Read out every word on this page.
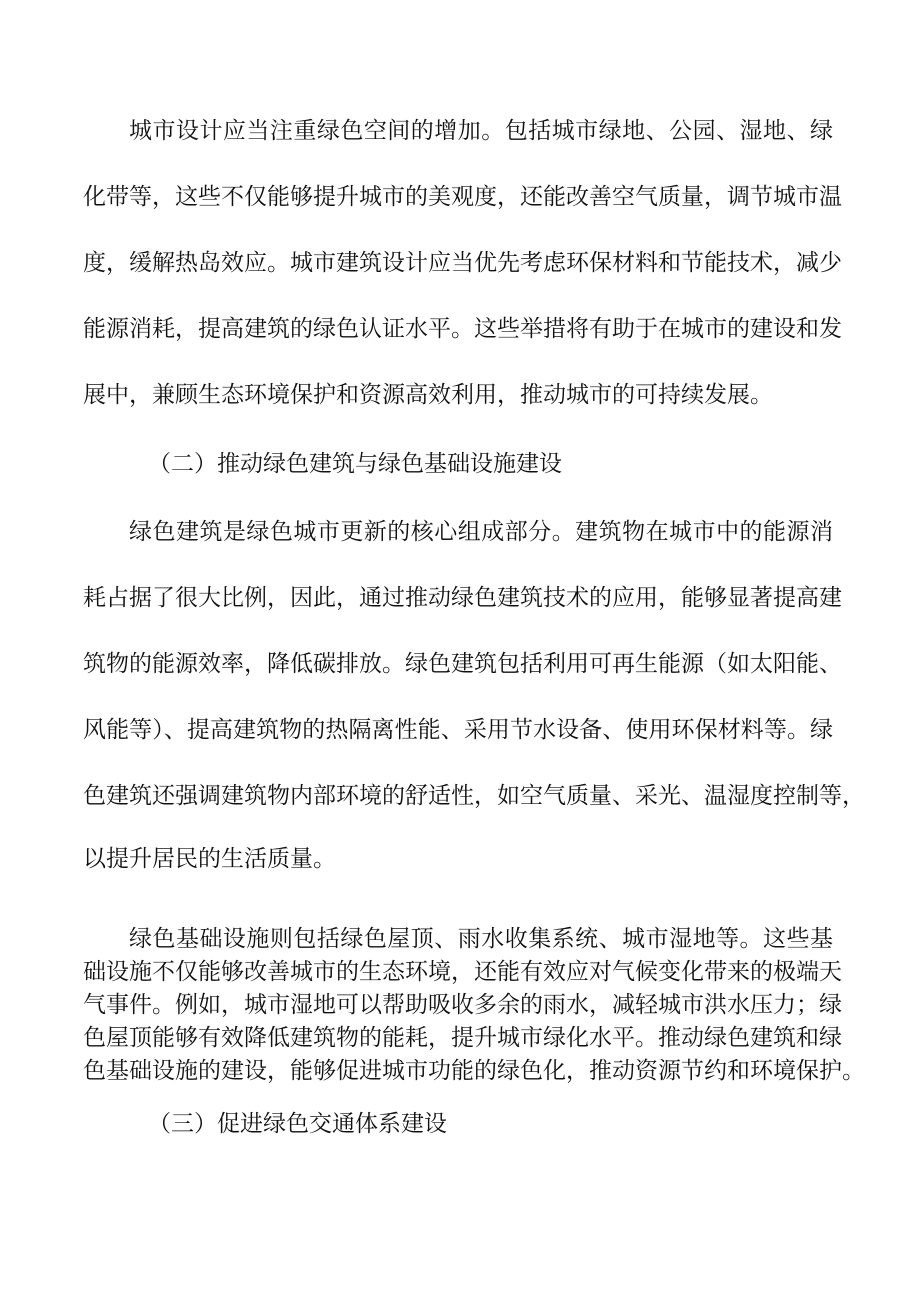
城市设计应当注重绿色空间的增加。包括城市绿地、公园、湿地、绿

化带等，这些不仅能够提升城市的美观度，还能改善空气质量，调节城市温

度，缓解热岛效应。城市建筑设计应当优先考虑环保材料和节能技术，减少

能源消耗，提高建筑的绿色认证水平。这些举措将有助于在城市的建设和发

展中，兼顾生态环境保护和资源高效利用，推动城市的可持续发展。

（二）推动绿色建筑与绿色基础设施建设

绿色建筑是绿色城市更新的核心组成部分。建筑物在城市中的能源消

耗占据了很大比例，因此，通过推动绿色建筑技术的应用，能够显著提高建

筑物的能源效率，降低碳排放。绿色建筑包括利用可再生能源（如太阳能、

风能等）、提高建筑物的热隔离性能、采用节水设备、使用环保材料等。绿

色建筑还强调建筑物内部环境的舒适性，如空气质量、采光、温湿度控制等，

以提升居民的生活质量。

绿色基础设施则包括绿色屋顶、雨水收集系统、城市湿地等。这些基

础设施不仅能够改善城市的生态环境，还能有效应对气候变化带来的极端天

气事件。例如，城市湿地可以帮助吸收多余的雨水，减轻城市洪水压力；绿

色屋顶能够有效降低建筑物的能耗，提升城市绿化水平。推动绿色建筑和绿

色基础设施的建设，能够促进城市功能的绿色化，推动资源节约和环境保护。

（三）促进绿色交通体系建设
